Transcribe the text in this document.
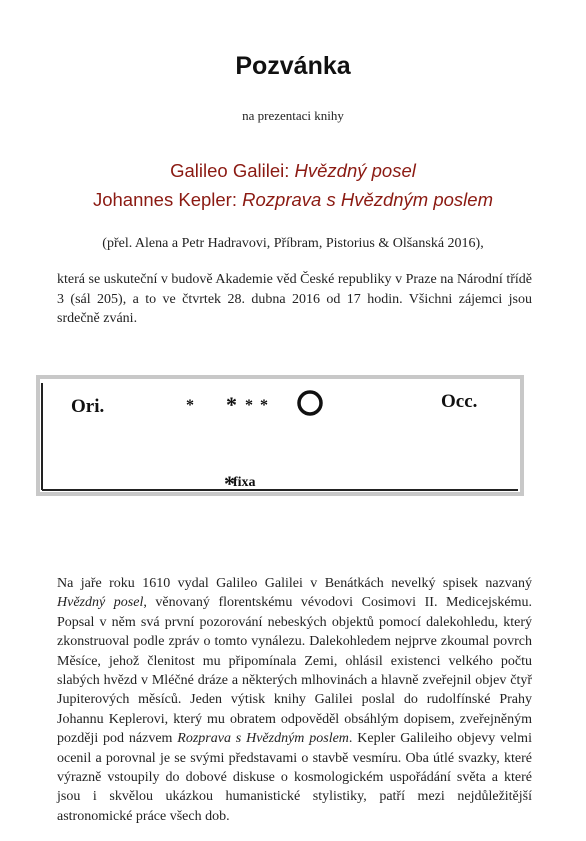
Pozvánka
na prezentaci knihy
Galileo Galilei: Hvězdný posel
Johannes Kepler: Rozprava s Hvězdným poslem
(přel. Alena a Petr Hadravovi, Příbram, Pistorius & Olšanská 2016),
která se uskuteční v budově Akademie věd České republiky v Praze na Národní třídě 3 (sál 205), a to ve čtvrtek 28. dubna 2016 od 17 hodin. Všichni zájemci jsou srdečně zváni.
* * * *
*
Ori.	Occ.
fixa
Na jaře roku 1610 vydal Galileo Galilei v Benátkách nevelký spisek nazvaný Hvězdný posel, věnovaný florentskému vévodovi Cosimovi II. Medicejskému. Popsal v něm svá první pozorování nebeských objektů pomocí dalekohledu, který zkonstruoval podle zpráv o tomto vynálezu. Dalekohledem nejprve zkoumal povrch Měsíce, jehož členitost mu připomínala Zemi, ohlásil existenci velkého počtu slabých hvězd v Mléčné dráze a některých mlhovinách a hlavně zveřejnil objev čtyř Jupiterových měsíců. Jeden výtisk knihy Galilei poslal do rudolfínské Prahy Johannu Keplerovi, který mu obratem odpověděl obsáhlým dopisem, zveřejněným později pod názvem Rozprava s Hvězdným poslem. Kepler Galileiho objevy velmi ocenil a porovnal je se svými představami o stavbě vesmíru. Oba útlé svazky, které výrazně vstoupily do dobové diskuse o kosmologickém uspořádání světa a které jsou i skvělou ukázkou humanistické stylistiky, patří mezi nejdůležitější astronomické práce všech dob.
